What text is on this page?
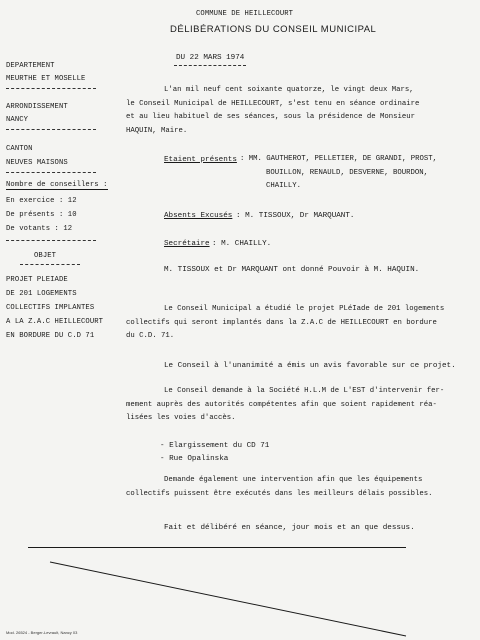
COMMUNE DE HEILLECOURT
DÉLIBÉRATIONS DU CONSEIL MUNICIPAL
DU 22 MARS 1974
DEPARTEMENT
MEURTHE ET MOSELLE
ARRONDISSEMENT
NANCY
CANTON
NEUVES MAISONS
Nombre de conseillers :
En exercice : 12
De présents : 10
De votants : 12
OBJET
PROJET PLEIADE
DE 201 LOGEMENTS
COLLECTIFS IMPLANTES
A LA Z.A.C HEILLECOURT
EN BORDURE DU C.D 71
L'an mil neuf cent soixante quatorze, le vingt deux Mars,
le Conseil Municipal de HEILLECOURT, s'est tenu en séance ordinaire
et au lieu habituel de ses séances, sous la présidence de Monsieur
HAQUIN, Maire.
Etaient présents : MM. GAUTHEROT, PELLETIER, DE GRANDI, PROST,
BOUILLON, RENAULD, DESVERNE, BOURDON,
CHAILLY.
Absents Excusés : M. TISSOUX, Dr MARQUANT.
Secrétaire : M. CHAILLY.
M. TISSOUX et Dr MARQUANT ont donné Pouvoir à M. HAQUIN.
Le Conseil Municipal a étudié le projet PLéIade de 201 logements
collectifs qui seront implantés dans la Z.A.C de HEILLECOURT en bordure
du C.D. 71.
Le Conseil à l'unanimité a émis un avis favorable sur ce projet.
Le Conseil demande à la Société H.L.M de L'EST d'intervenir fer-
mement auprès des autorités compétentes afin que soient rapidement réa-
lisées les voies d'accès.
- Elargissement du CD 71
- Rue Opalinska
Demande également une intervention afin que les équipements
collectifs puissent être exécutés dans les meilleurs délais possibles.
Fait et délibéré en séance, jour mois et an que dessus.
Mod. 26524 - Berger-Levrault, Nancy 03
